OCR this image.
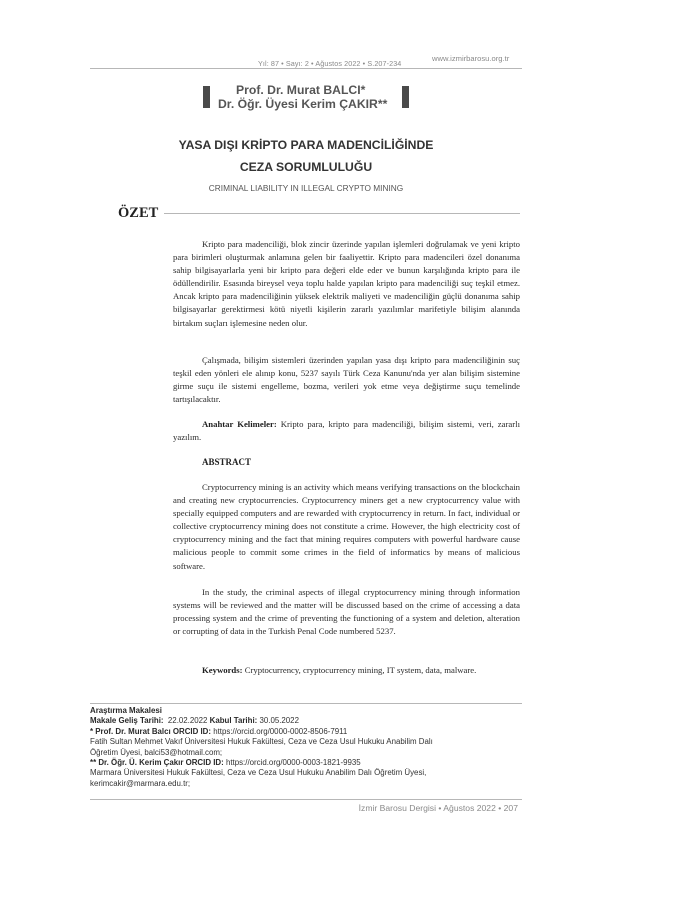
www.izmirbarosu.org.tr
Yıl: 87 • Sayı: 2 • Ağustos 2022 • S.207-234
Prof. Dr. Murat BALCI*
Dr. Öğr. Üyesi Kerim ÇAKIR**
YASA DIŞI KRİPTO PARA MADENCİLİĞİNDE
CEZA SORUMLULUĞU
CRIMINAL LIABILITY IN ILLEGAL CRYPTO MINING
ÖZET

Kripto para madenciliği, blok zincir üzerinde yapılan işlemleri doğrulamak ve yeni kripto para birimleri oluşturmak anlamına gelen bir faaliyettir. Kripto para madencileri özel donanıma sahip bilgisayarlarla yeni bir kripto para değeri elde eder ve bunun karşılığında kripto para ile ödüllendirilir. Esasında bireysel veya toplu halde yapılan kripto para madenciliği suç teşkil etmez. Ancak kripto para madenciliğinin yüksek elektrik maliyeti ve madenciliğin güçlü donanıma sahip bilgisayarlar gerektirmesi kötü niyetli kişilerin zararlı yazılımlar marifetiyle bilişim alanında birtakım suçları işlemesine neden olur.

Çalışmada, bilişim sistemleri üzerinden yapılan yasa dışı kripto para madenciliğinin suç teşkil eden yönleri ele alınıp konu, 5237 sayılı Türk Ceza Kanunu'nda yer alan bilişim sistemine girme suçu ile sistemi engelleme, bozma, verileri yok etme veya değiştirme suçu temelinde tartışılacaktır.

Anahtar Kelimeler: Kripto para, kripto para madenciliği, bilişim sistemi, veri, zararlı yazılım.

ABSTRACT

Cryptocurrency mining is an activity which means verifying transactions on the blockchain and creating new cryptocurrencies. Cryptocurrency miners get a new cryptocurrency value with specially equipped computers and are rewarded with cryptocurrency in return. In fact, individual or collective cryptocurrency mining does not constitute a crime. However, the high electricity cost of cryptocurrency mining and the fact that mining requires computers with powerful hardware cause malicious people to commit some crimes in the field of informatics by means of malicious software.

In the study, the criminal aspects of illegal cryptocurrency mining through information systems will be reviewed and the matter will be discussed based on the crime of accessing a data processing system and the crime of preventing the functioning of a system and deletion, alteration or corrupting of data in the Turkish Penal Code numbered 5237.

Keywords: Cryptocurrency, cryptocurrency mining, IT system, data, malware.

Araştırma Makalesi

Makale Geliş Tarihi: 22.02.2022 Kabul Tarihi: 30.05.2022

* Prof. Dr. Murat Balcı ORCID ID: https://orcid.org/0000-0002-8506-7911

Fatih Sultan Mehmet Vakıf Üniversitesi Hukuk Fakültesi, Ceza ve Ceza Usul Hukuku Anabilim Dalı

Öğretim Üyesi, balci53@hotmail.com;

** Dr. Öğr. Ü. Kerim Çakır ORCID ID: https://orcid.org/0000-0003-1821-9935

Marmara Üniversitesi Hukuk Fakültesi, Ceza ve Ceza Usul Hukuku Anabilim Dalı Öğretim Üyesi,

kerimcakir@marmara.edu.tr;

İzmir Barosu Dergisi • Ağustos 2022 • 207
